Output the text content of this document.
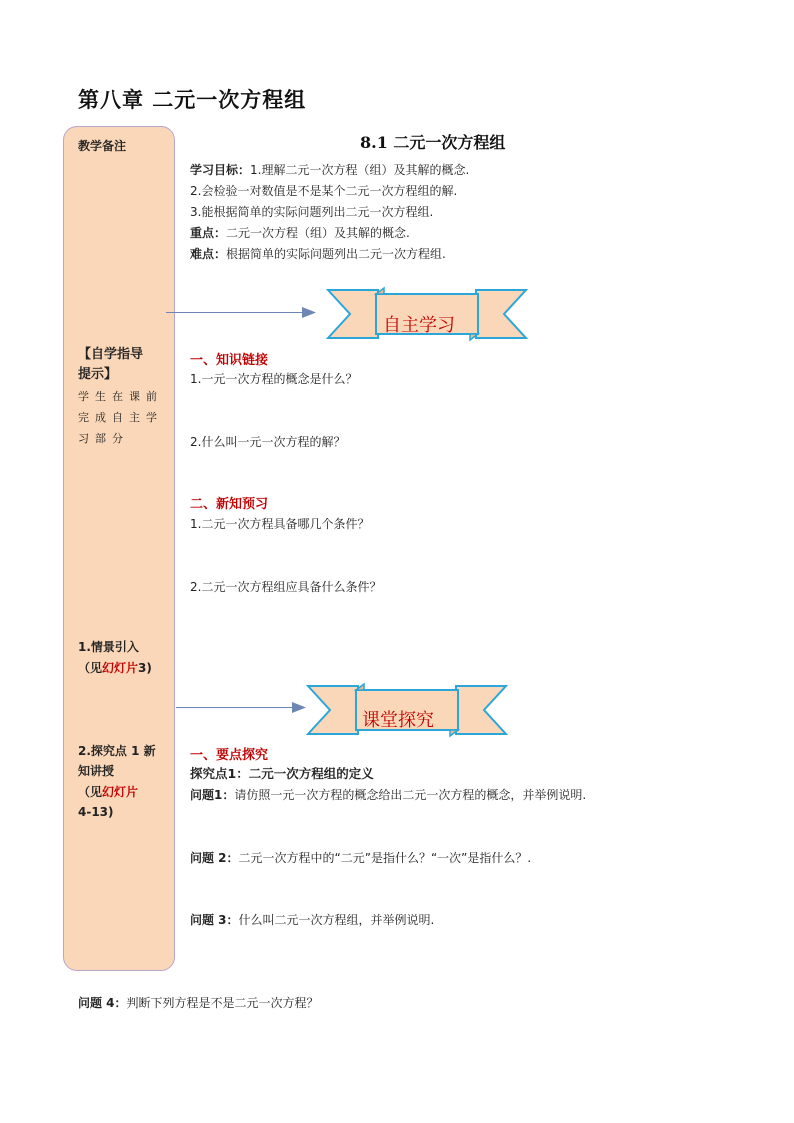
第八章 二元一次方程组
教学备注
【自学指导
提示】
学生在课前
完成自主学
习部分
1.情景引入
（见幻灯片3)
2.探究点 1 新
知讲授
（见幻灯片
4-13)
8.1 二元一次方程组
学习目标：1.理解二元一次方程（组）及其解的概念.
2.会检验一对数值是不是某个二元一次方程组的解.
3.能根据简单的实际问题列出二元一次方程组.
重点：二元一次方程（组）及其解的概念.
难点：根据简单的实际问题列出二元一次方程组.
自主学习
一、知识链接
1.一元一次方程的概念是什么？
2.什么叫一元一次方程的解？
二、新知预习
1.二元一次方程具备哪几个条件？
2.二元一次方程组应具备什么条件？
课堂探究
一、要点探究
探究点1：二元一次方程组的定义
问题1：请仿照一元一次方程的概念给出二元一次方程的概念，并举例说明.
问题 2：二元一次方程中的“二元”是指什么？“一次”是指什么？.
问题 3：什么叫二元一次方程组，并举例说明.
问题 4：判断下列方程是不是二元一次方程？
